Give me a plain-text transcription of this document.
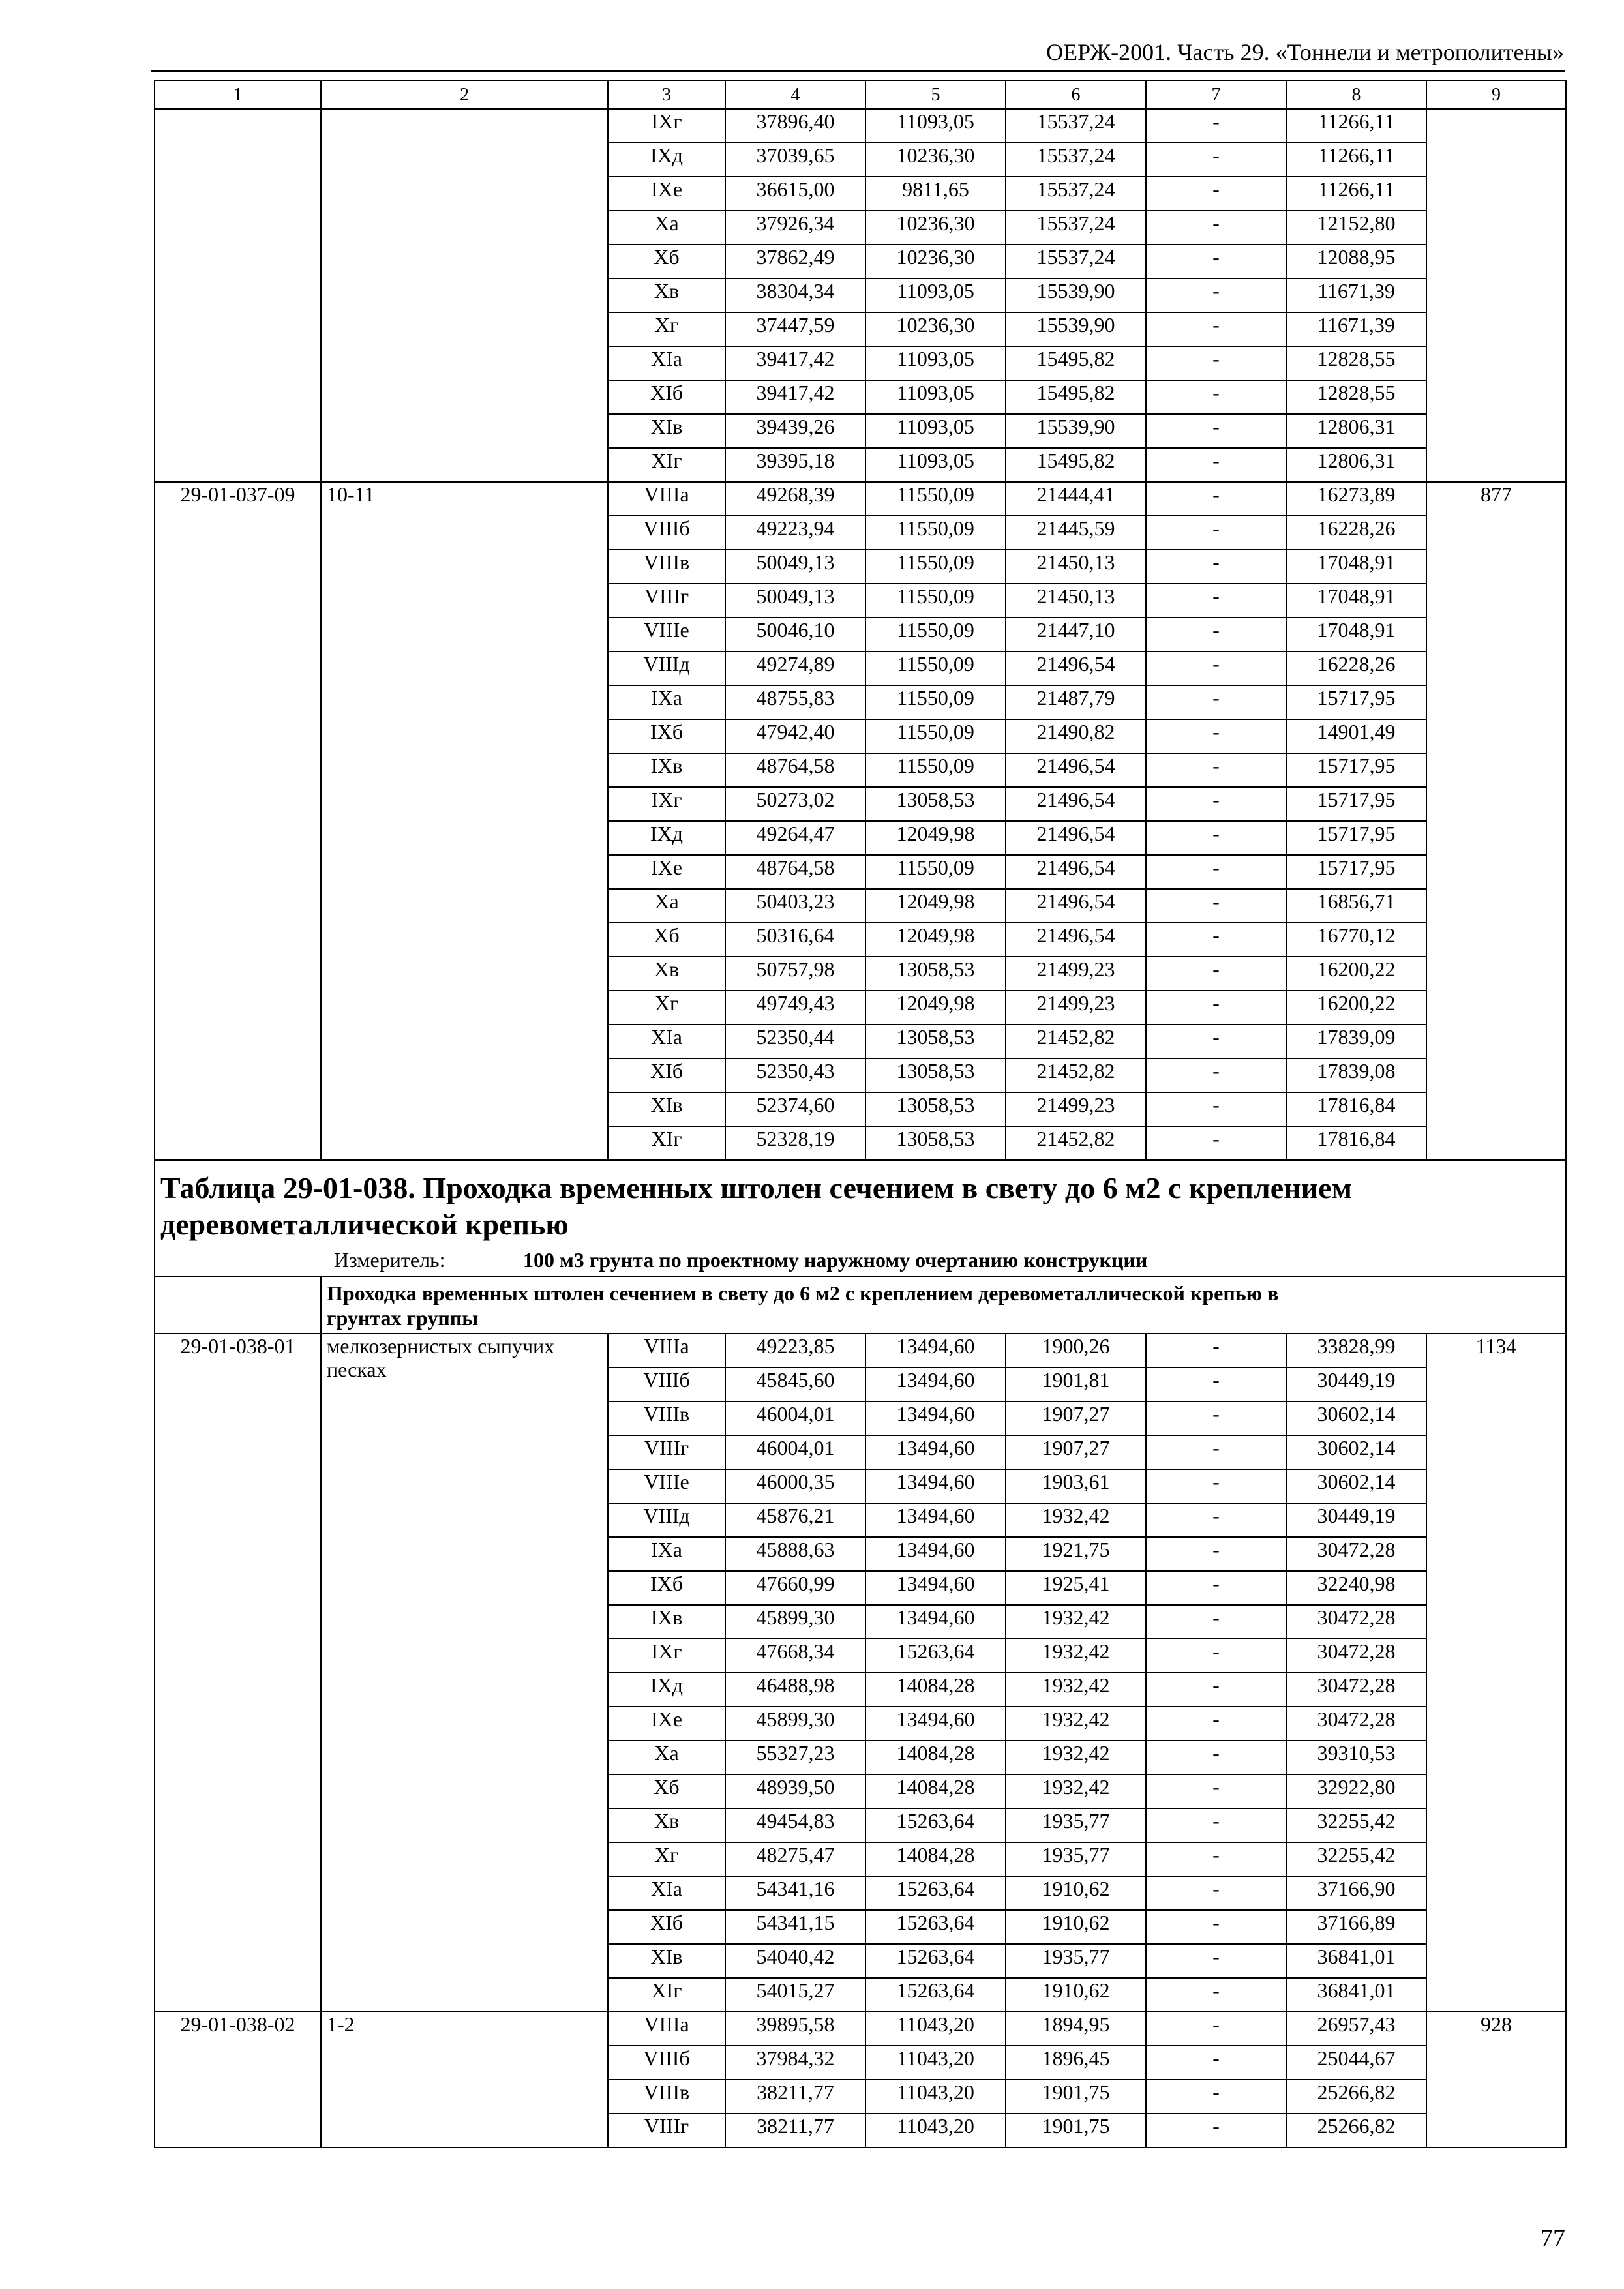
ОЕРЖ-2001. Часть 29. «Тоннели и метрополитены»
1	2	3	4	5	6	7	8	9
		IXг	37896,40	11093,05	15537,24	-	11266,11	
		IXд	37039,65	10236,30	15537,24	-	11266,11	
		IXе	36615,00	9811,65	15537,24	-	11266,11	
		Xа	37926,34	10236,30	15537,24	-	12152,80	
		Xб	37862,49	10236,30	15537,24	-	12088,95	
		Xв	38304,34	11093,05	15539,90	-	11671,39	
		Xг	37447,59	10236,30	15539,90	-	11671,39	
		XIа	39417,42	11093,05	15495,82	-	12828,55	
		XIб	39417,42	11093,05	15495,82	-	12828,55	
		XIв	39439,26	11093,05	15539,90	-	12806,31	
		XIг	39395,18	11093,05	15495,82	-	12806,31	
29-01-037-09	10-11	VIIIа	49268,39	11550,09	21444,41	-	16273,89	877
		VIIIб	49223,94	11550,09	21445,59	-	16228,26	
		VIIIв	50049,13	11550,09	21450,13	-	17048,91	
		VIIIг	50049,13	11550,09	21450,13	-	17048,91	
		VIIIе	50046,10	11550,09	21447,10	-	17048,91	
		VIIIд	49274,89	11550,09	21496,54	-	16228,26	
		IXа	48755,83	11550,09	21487,79	-	15717,95	
		IXб	47942,40	11550,09	21490,82	-	14901,49	
		IXв	48764,58	11550,09	21496,54	-	15717,95	
		IXг	50273,02	13058,53	21496,54	-	15717,95	
		IXд	49264,47	12049,98	21496,54	-	15717,95	
		IXе	48764,58	11550,09	21496,54	-	15717,95	
		Xа	50403,23	12049,98	21496,54	-	16856,71	
		Xб	50316,64	12049,98	21496,54	-	16770,12	
		Xв	50757,98	13058,53	21499,23	-	16200,22	
		Xг	49749,43	12049,98	21499,23	-	16200,22	
		XIа	52350,44	13058,53	21452,82	-	17839,09	
		XIб	52350,43	13058,53	21452,82	-	17839,08	
		XIв	52374,60	13058,53	21499,23	-	17816,84	
		XIг	52328,19	13058,53	21452,82	-	17816,84	

Таблица 29-01-038. Проходка временных штолен сечением в свету до 6 м2 с креплением
деревометаллической крепью
Измеритель: 100 м3 грунта по проектному наружному очертанию конструкции								

	Проходка временных штолен сечением в свету до 6 м2 с креплением деревометаллической крепью в грунтах группы							
29-01-038-01	мелкозернистых сыпучих песках	VIIIа	49223,85	13494,60	1900,26	-	33828,99	1134
		VIIIб	45845,60	13494,60	1901,81	-	30449,19	
		VIIIв	46004,01	13494,60	1907,27	-	30602,14	
		VIIIг	46004,01	13494,60	1907,27	-	30602,14	
		VIIIе	46000,35	13494,60	1903,61	-	30602,14	
		VIIIд	45876,21	13494,60	1932,42	-	30449,19	
		IXа	45888,63	13494,60	1921,75	-	30472,28	
		IXб	47660,99	13494,60	1925,41	-	32240,98	
		IXв	45899,30	13494,60	1932,42	-	30472,28	
		IXг	47668,34	15263,64	1932,42	-	30472,28	
		IXд	46488,98	14084,28	1932,42	-	30472,28	
		IXе	45899,30	13494,60	1932,42	-	30472,28	
		Xа	55327,23	14084,28	1932,42	-	39310,53	
		Xб	48939,50	14084,28	1932,42	-	32922,80	
		Xв	49454,83	15263,64	1935,77	-	32255,42	
		Xг	48275,47	14084,28	1935,77	-	32255,42	
		XIа	54341,16	15263,64	1910,62	-	37166,90	
		XIб	54341,15	15263,64	1910,62	-	37166,89	
		XIв	54040,42	15263,64	1935,77	-	36841,01	
		XIг	54015,27	15263,64	1910,62	-	36841,01	
29-01-038-02	1-2	VIIIа	39895,58	11043,20	1894,95	-	26957,43	928
		VIIIб	37984,32	11043,20	1896,45	-	25044,67	
		VIIIв	38211,77	11043,20	1901,75	-	25266,82	
		VIIIг	38211,77	11043,20	1901,75	-	25266,82	
77
